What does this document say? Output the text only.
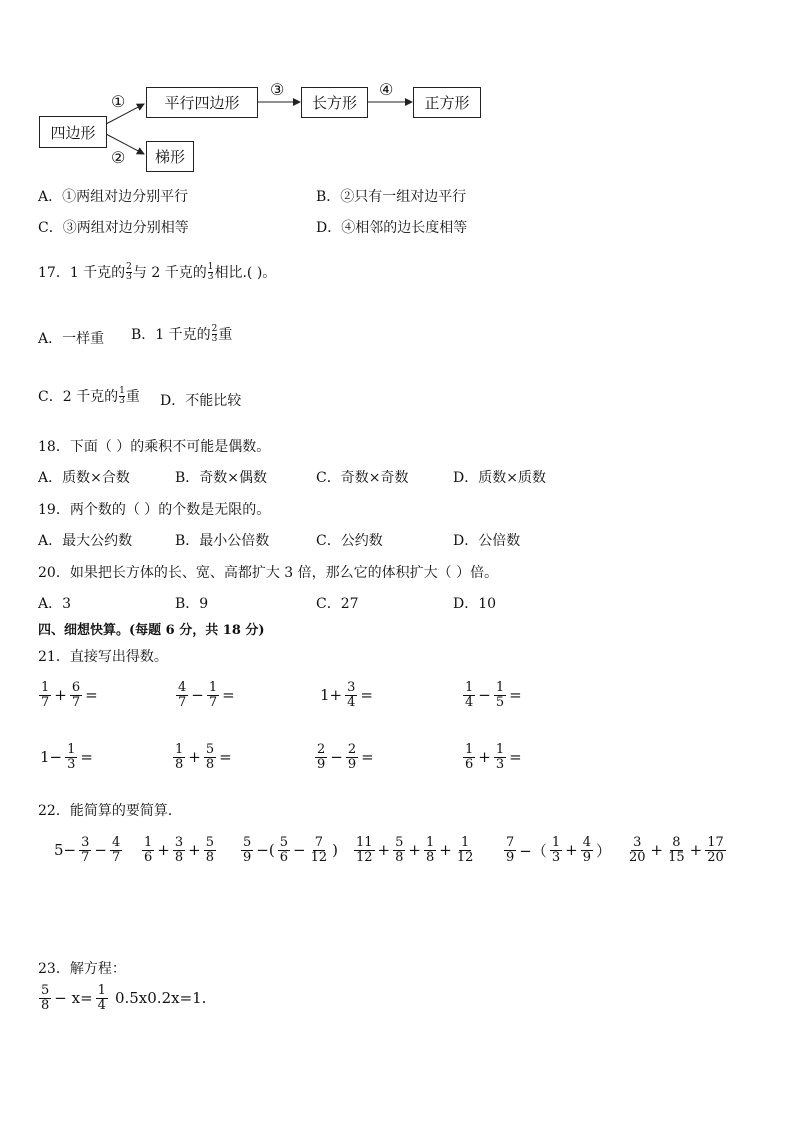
四边形
平行四边形	长方形	正方形
梯形
①
②
③	④
A．①两组对边分别平行	B．②只有一组对边平行
C．③两组对边分别相等	D．④相邻的边长度相等
17．1 千克的 2
3 与 2 千克的 1
3 相比.( )。
A．一样重 B．1 千克的 2
3 重
C．2 千克的 1
3 重 D．不能比较
18．下面（ ）的乘积不可能是偶数。
A．质数×合数	B．奇数×偶数	C．奇数×奇数	D．质数×质数
19．两个数的（ ）的个数是无限的。
A．最大公约数	B．最小公倍数	C．公约数	D．公倍数
20．如果把长方体的长、宽、高都扩大 3 倍，那么它的体积扩大（ ）倍。
A．3	B．9	C．27	D．10
四、细想快算。(每题 6 分，共 18 分)
21．直接写出得数。
$\frac{1}{7} + \frac{6}{7}$ =	$\frac{4}{7} - \frac{1}{7}$ =	$1+ \frac{3}{4}$ =	$\frac{1}{4} - \frac{1}{5}$ =
$1- \frac{1}{3}$ =	$\frac{1}{8} + \frac{5}{8}$ =	$\frac{2}{9} - \frac{2}{9}$ =	$\frac{1}{6} + \frac{1}{3}$ =
22．能简算的要简算．
$5- \frac{3}{7} - \frac{4}{7} \frac{1}{6} + \frac{3}{8} + \frac{5}{8} \frac{5}{9}$ −( $\frac{5}{6} - \frac{7}{12}$ ) $\frac{11}{12} + \frac{5}{8} + \frac{1}{8} + \frac{1}{12} \frac{7}{9}$ −（ $\frac{1}{3} + \frac{4}{9}$ ） $\frac{3}{20} + \frac{8}{15} + \frac{17}{20}$
23．解方程：
$\frac{5}{8} - x= \frac{1}{4} 0.5x0.2x=1$.
